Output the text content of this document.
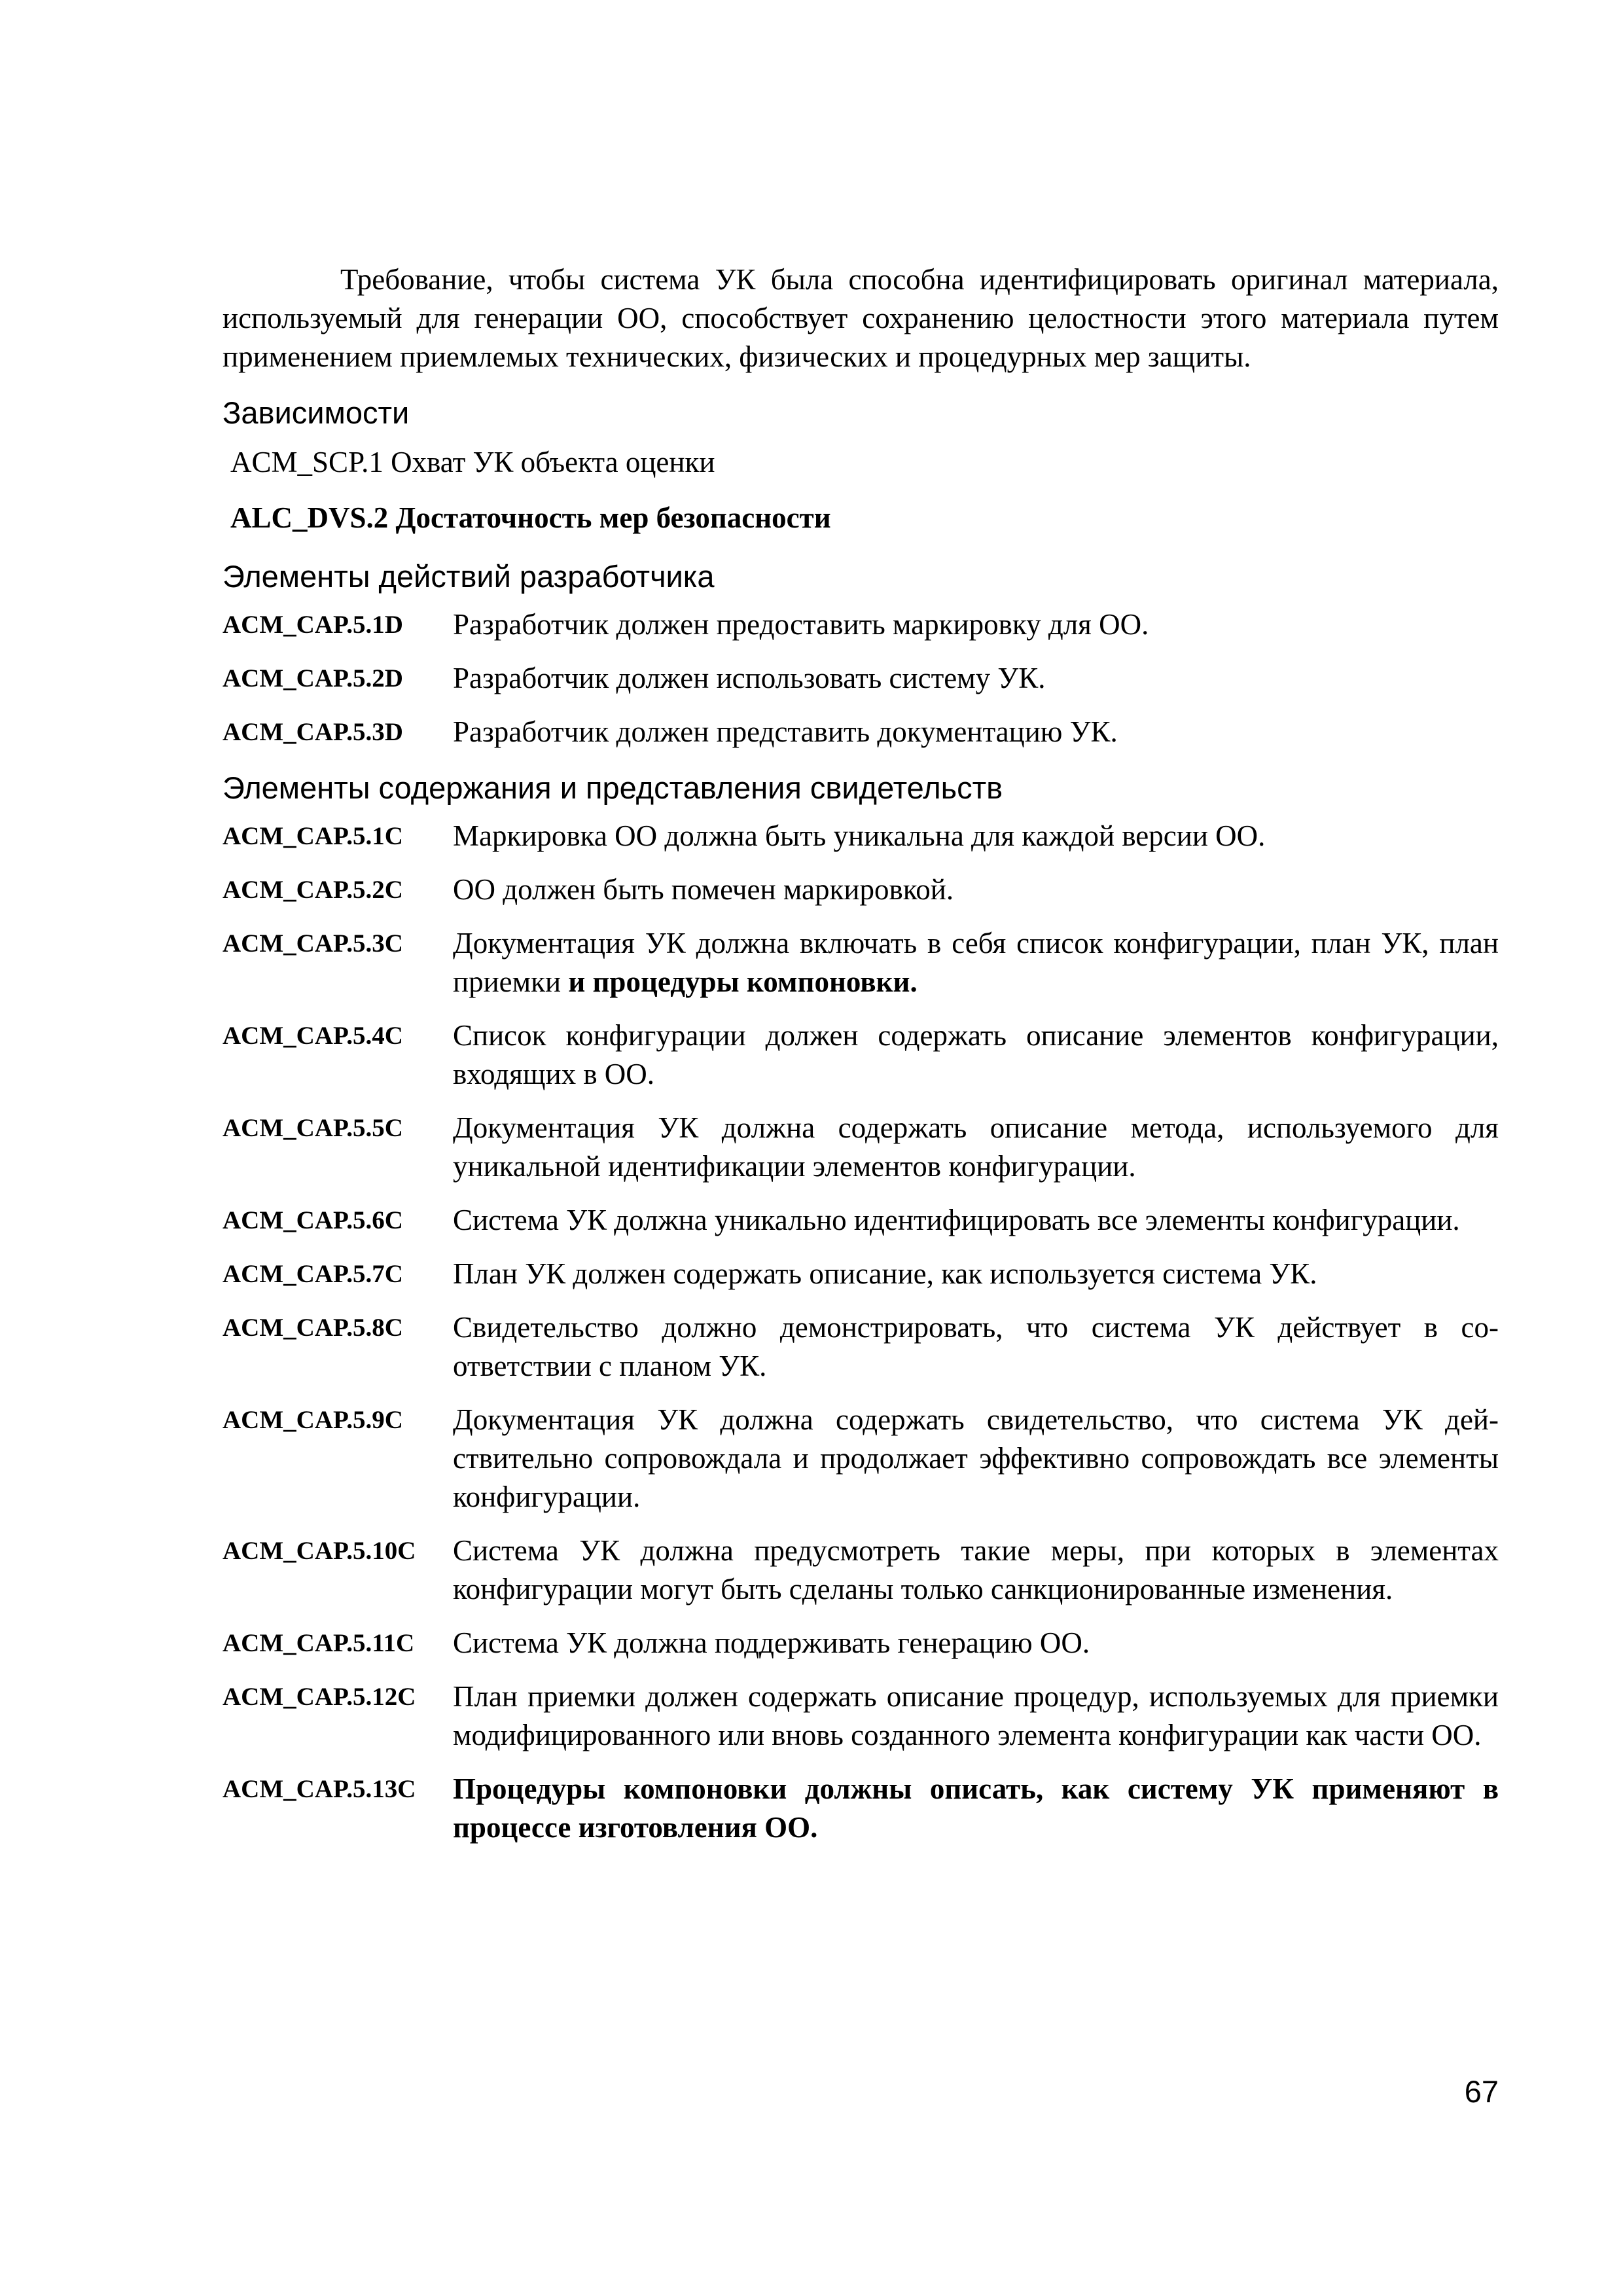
Требование, чтобы система УК была способна идентифицировать оригинал материала, используемый для генерации ОО, способствует сохранению целостности этого материала путем применением приемлемых технических, физических и процедурных мер защиты.

Зависимости
ACM_SCP.1 Охват УК объекта оценки
ALC_DVS.2 Достаточность мер безопасности
Элементы действий разработчика
ACM_CAP.5.1D	Разработчик должен предоставить маркировку для ОО.
ACM_CAP.5.2D	Разработчик должен использовать систему УК.
ACM_CAP.5.3D	Разработчик должен представить документацию УК.
Элементы содержания и представления свидетельств
ACM_CAP.5.1C	Маркировка ОО должна быть уникальна для каждой версии ОО.
ACM_CAP.5.2C	ОО должен быть помечен маркировкой.
ACM_CAP.5.3C	Документация УК должна включать в себя список конфигурации, план УК, план приемки и процедуры компоновки.
ACM_CAP.5.4C	Список конфигурации должен содержать описание элементов конфигурации, входящих в ОО.
ACM_CAP.5.5C	Документация УК должна содержать описание метода, используемого для уникальной идентификации элементов конфигурации.
ACM_CAP.5.6C	Система УК должна уникально идентифицировать все элементы конфигурации.
ACM_CAP.5.7C	План УК должен содержать описание, как используется система УК.
ACM_CAP.5.8C	Свидетельство должно демонстрировать, что система УК действует в соответствии с планом УК.
ACM_CAP.5.9C	Документация УК должна содержать свидетельство, что система УК действительно сопровождала и продолжает эффективно сопровождать все элементы конфигурации.
ACM_CAP.5.10C	Система УК должна предусмотреть такие меры, при которых в элементах конфигурации могут быть сделаны только санкционированные изменения.
ACM_CAP.5.11C	Система УК должна поддерживать генерацию ОО.
ACM_CAP.5.12C	План приемки должен содержать описание процедур, используемых для приемки модифицированного или вновь созданного элемента конфигурации как части ОО.
ACM_CAP.5.13C	Процедуры компоновки должны описать, как систему УК применяют в процессе изготовления ОО.
67
